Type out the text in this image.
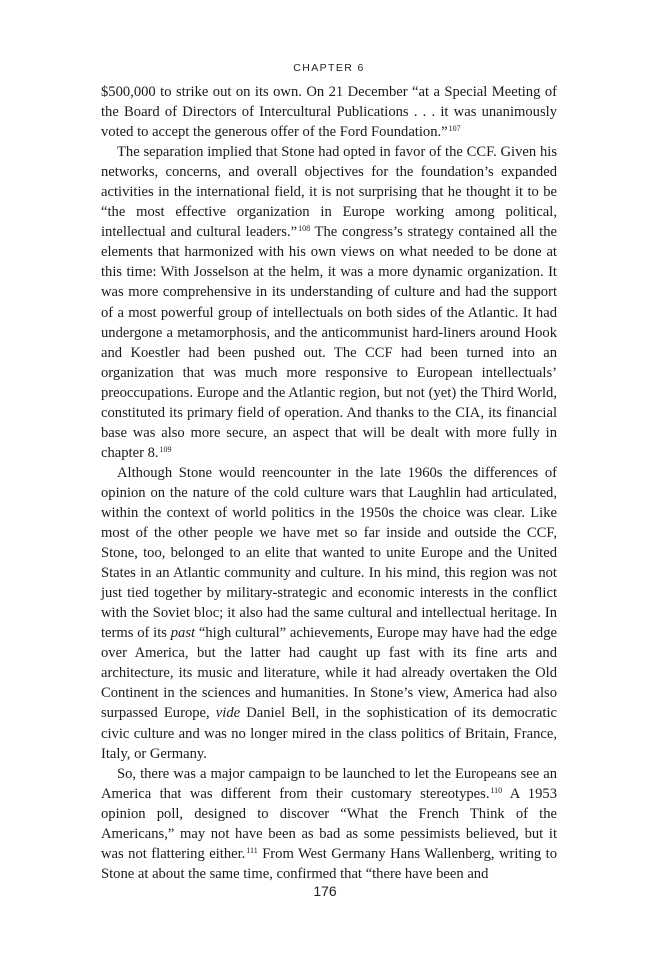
CHAPTER 6

$500,000 to strike out on its own. On 21 December “at a Special Meeting of the Board of Directors of Intercultural Publications . . . it was unanimously voted to accept the generous offer of the Ford Foundation.”$^{107}$

The separation implied that Stone had opted in favor of the CCF. Given his networks, concerns, and overall objectives for the foundation’s expanded activities in the international field, it is not surprising that he thought it to be “the most effective organization in Europe working among political, intellectual and cultural leaders.”$^{108}$ The congress’s strategy contained all the elements that harmonized with his own views on what needed to be done at this time: With Josselson at the helm, it was a more dynamic organization. It was more comprehensive in its understanding of culture and had the support of a most powerful group of intellectuals on both sides of the Atlantic. It had undergone a metamorphosis, and the anticommunist hard-liners around Hook and Koestler had been pushed out. The CCF had been turned into an organization that was much more responsive to European intellectuals’ preoccupations. Europe and the Atlantic region, but not (yet) the Third World, constituted its primary field of operation. And thanks to the CIA, its financial base was also more secure, an aspect that will be dealt with more fully in chapter 8.$^{109}$

Although Stone would reencounter in the late 1960s the differences of opinion on the nature of the cold culture wars that Laughlin had articulated, within the context of world politics in the 1950s the choice was clear. Like most of the other people we have met so far inside and outside the CCF, Stone, too, belonged to an elite that wanted to unite Europe and the United States in an Atlantic community and culture. In his mind, this region was not just tied together by military-strategic and economic interests in the conflict with the Soviet bloc; it also had the same cultural and intellectual heritage. In terms of its past “high cultural” achievements, Europe may have had the edge over America, but the latter had caught up fast with its fine arts and architecture, its music and literature, while it had already overtaken the Old Continent in the sciences and humanities. In Stone’s view, America had also surpassed Europe, vide Daniel Bell, in the sophistication of its democratic civic culture and was no longer mired in the class politics of Britain, France, Italy, or Germany.

So, there was a major campaign to be launched to let the Europeans see an America that was different from their customary stereotypes.$^{110}$ A 1953 opinion poll, designed to discover “What the French Think of the Americans,” may not have been as bad as some pessimists believed, but it was not flattering either.$^{111}$ From West Germany Hans Wallenberg, writing to Stone at about the same time, confirmed that “there have been and

176
